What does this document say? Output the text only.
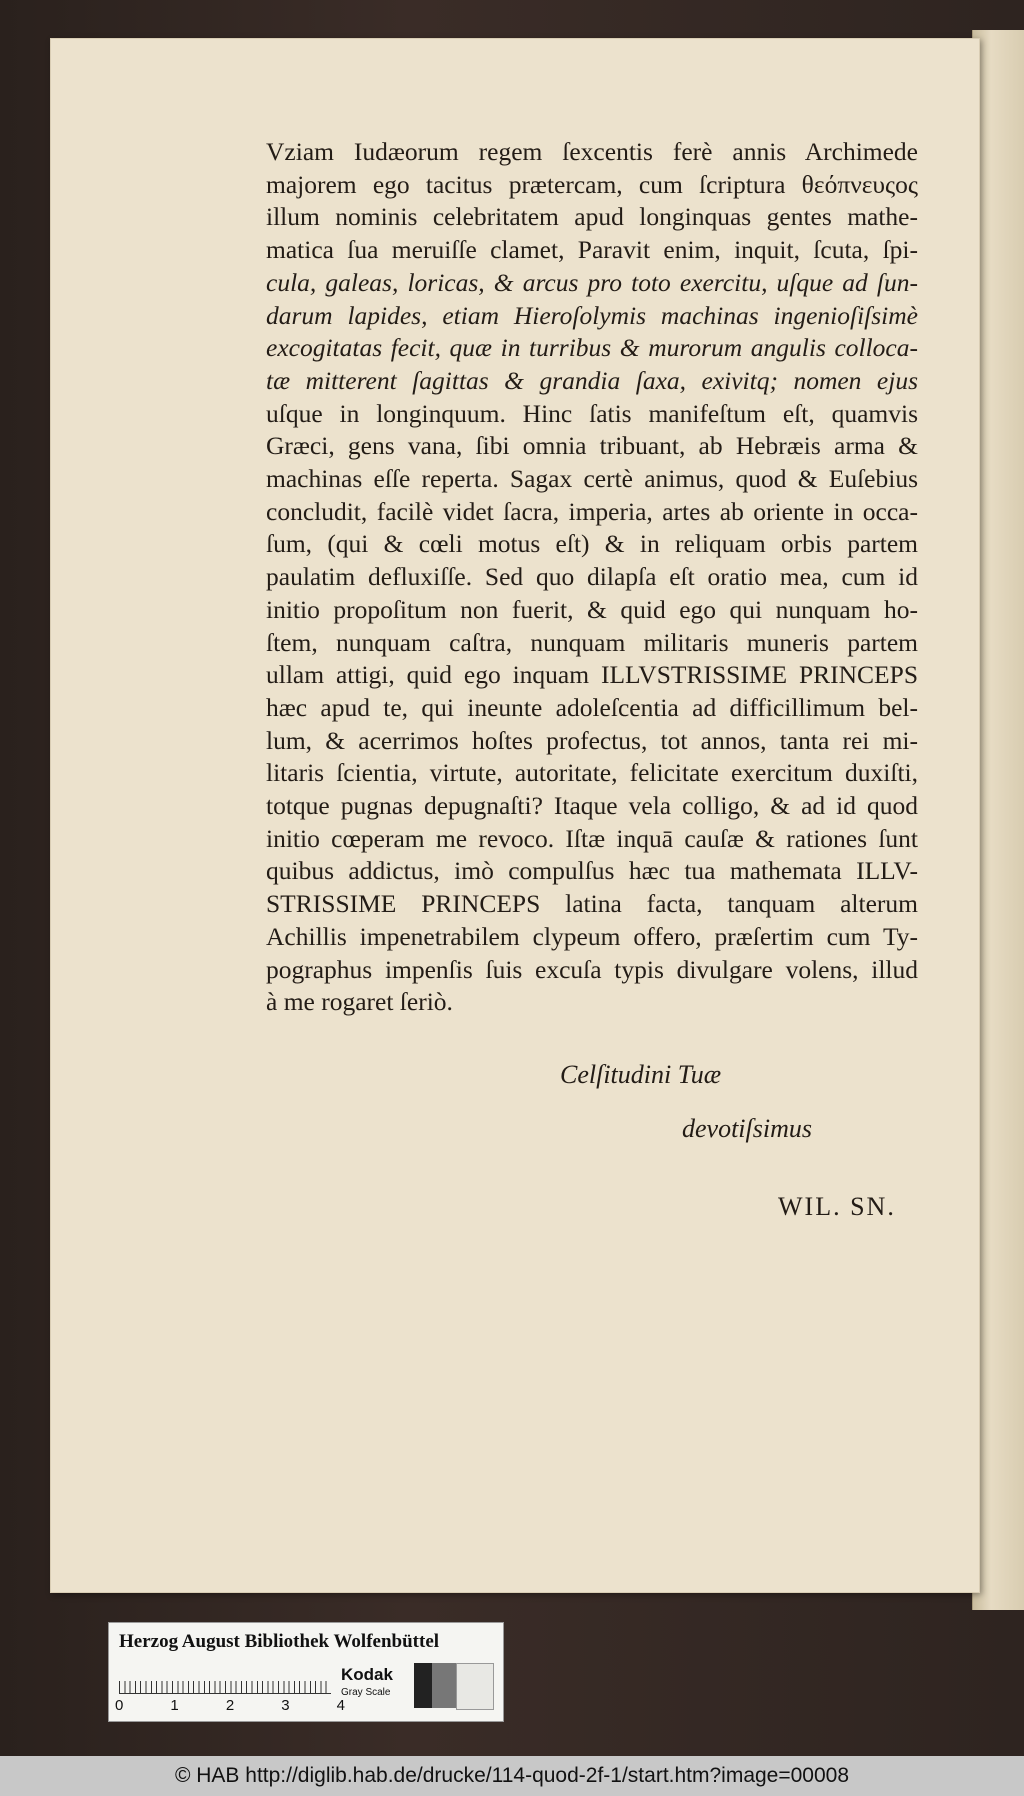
Vziam Iudæorum regem ſexcentis ferè annis Archimede
majorem ego tacitus prætercam, cum ſcriptura θεόπνευςος
illum nominis celebritatem apud longinquas gentes mathe-
matica ſua meruiſſe clamet, Paravit enim, inquit, ſcuta, ſpi-
cula, galeas, loricas, & arcus pro toto exercitu, uſque ad ſun-
darum lapides, etiam Hieroſolymis machinas ingenioſiſsimè
excogitatas fecit, quæ in turribus & murorum angulis colloca-
tæ mitterent ſagittas & grandia ſaxa, exivitq; nomen ejus
uſque in longinquum. Hinc ſatis manifeſtum eſt, quamvis
Græci, gens vana, ſibi omnia tribuant, ab Hebræis arma &
machinas eſſe reperta. Sagax certè animus, quod & Euſebius
concludit, facilè videt ſacra, imperia, artes ab oriente in occa-
ſum, (qui & cœli motus eſt) & in reliquam orbis partem
paulatim defluxiſſe. Sed quo dilapſa eſt oratio mea, cum id
initio propoſitum non fuerit, & quid ego qui nunquam ho-
ſtem, nunquam caſtra, nunquam militaris muneris partem
ullam attigi, quid ego inquam ILLVSTRISSIME PRINCEPS
hæc apud te, qui ineunte adoleſcentia ad difficillimum bel-
lum, & acerrimos hoſtes profectus, tot annos, tanta rei mi-
litaris ſcientia, virtute, autoritate, felicitate exercitum duxiſti,
totque pugnas depugnaſti? Itaque vela colligo, & ad id quod
initio cœperam me revoco. Iſtæ inquā cauſæ & rationes ſunt
quibus addictus, imò compulſus hæc tua mathemata ILLV-
STRISSIME PRINCEPS latina facta, tanquam alterum
Achillis impenetrabilem clypeum offero, præſertim cum Ty-
pographus impenſis ſuis excuſa typis divulgare volens, illud
à me rogaret ſeriò.
Celſitudini Tuæ
devotiſsimus
WIL. SN.
Herzog August Bibliothek Wolfenbüttel
0	1	2	3	4
Kodak
Gray Scale
© HAB http://diglib.hab.de/drucke/114-quod-2f-1/start.htm?image=00008
